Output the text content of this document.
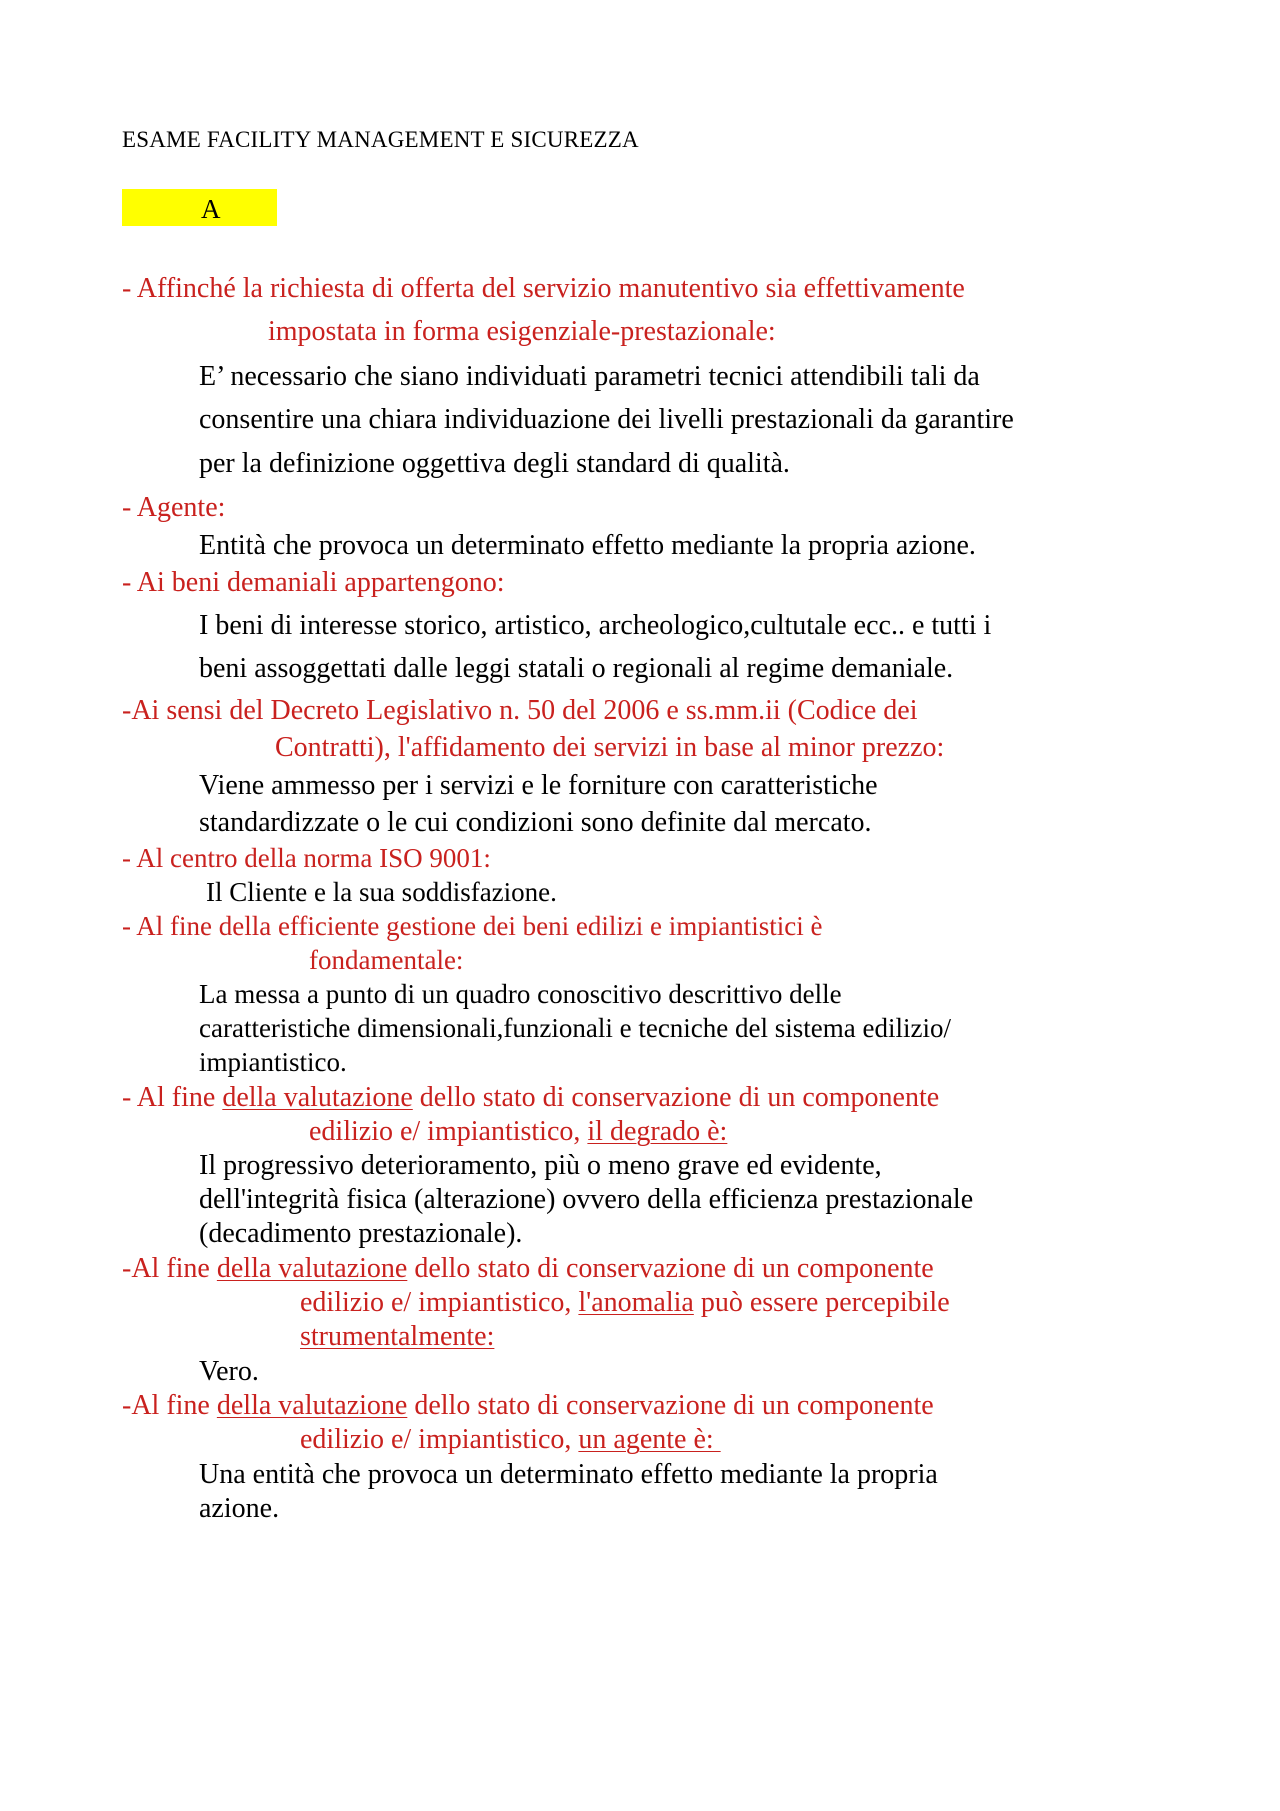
ESAME FACILITY MANAGEMENT E SICUREZZA
A
- Affinché la richiesta di offerta del servizio manutentivo sia effettivamente
impostata in forma esigenziale-prestazionale:
E’ necessario che siano individuati parametri tecnici attendibili tali da
consentire una chiara individuazione dei livelli prestazionali da garantire
per la definizione oggettiva degli standard di qualità.
- Agente:
Entità che provoca un determinato effetto mediante la propria azione.
- Ai beni demaniali appartengono:
I beni di interesse storico, artistico, archeologico,cultutale ecc.. e tutti i
beni assoggettati dalle leggi statali o regionali al regime demaniale.
-Ai sensi del Decreto Legislativo n. 50 del 2006 e ss.mm.ii (Codice dei
Contratti), l'affidamento dei servizi in base al minor prezzo:
Viene ammesso per i servizi e le forniture con caratteristiche
standardizzate o le cui condizioni sono definite dal mercato.
- Al centro della norma ISO 9001:
Il Cliente e la sua soddisfazione.
- Al fine della efficiente gestione dei beni edilizi e impiantistici è
fondamentale:
La messa a punto di un quadro conoscitivo descrittivo delle
caratteristiche dimensionali,funzionali e tecniche del sistema edilizio/
impiantistico.
- Al fine della valutazione dello stato di conservazione di un componente
edilizio e/ impiantistico, il degrado è:
Il progressivo deterioramento, più o meno grave ed evidente,
dell'integrità fisica (alterazione) ovvero della efficienza prestazionale
(decadimento prestazionale).
-Al fine della valutazione dello stato di conservazione di un componente
edilizio e/ impiantistico, l'anomalia può essere percepibile
strumentalmente:
Vero.
-Al fine della valutazione dello stato di conservazione di un componente
edilizio e/ impiantistico, un agente è:
Una entità che provoca un determinato effetto mediante la propria
azione.
